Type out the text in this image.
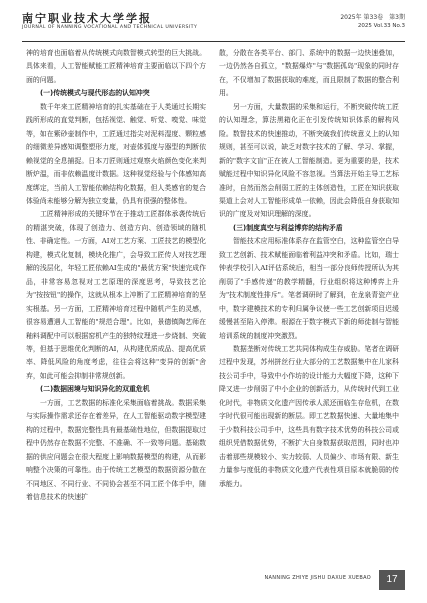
南宁职业技术大学学报
JOURNAL OF NANNING VOCATIONAL AND TECHNICAL UNIVERSITY
2025年 第33卷　第3期
2025 Vol.33 No.3

神的培育也面临着从传统模式向数智模式转型的巨大挑战。具体来看，人工智能赋能工匠精神培育主要面临以下四个方面的问题。

(一)传统模式与现代形态的认知冲突

数千年来工匠精神培育的扎实基础在于人类通过长期实践所形成的直觉判断，包括视觉、触觉、听觉、嗅觉、味觉等，如在紫砂壶制作中，工匠通过指尖对泥料湿度、颗粒感的细微差异感知调整塑形力度，对壶体弧度与器型的判断依赖视觉的全息捕捉。日本刀匠则通过观察火焰颜色变化来判断炉温，而非依赖温度计数据。这种视觉经验与个体感知高度绑定，当前人工智能依赖结构化数据，但人类感官的复合体验尚未能够分解为独立变量，仍具有很强的整体性。

工匠精神形成的关键环节在于推动工匠群体承袭传统后的精湛突破，体现了创造力、创造方向、创造领域的随机性、非确定性。一方面，AI对工艺方案、工匠技艺的模型化构建，模式化复制，模块化推广，会导致工匠传人对技艺理解的浅层化，年轻工匠依赖AI生成的"最优方案"快速完成作品，非常容易忽视对工艺原理的深度思考，导致技艺沦为"按按钮"的操作，这就从根本上冲断了工匠精神培育的坚实根基。另一方面，工匠精神培育过程中随机产生的灵感，很容易遭遇人工智能的"规范合理"。比如，景德镇陶艺师在釉料调配中可以根据窑机产生的独特纹理进一步烧制、突破等，但基于思维优化判断的AI，从构建优质成品、提高优质率、降低风险的角度考虑，往往会将这种"变异的创新"舍弃，如此可能会抑制非常规创新。

(二)数据困境与知识异化的双重危机

一方面，工艺数据的标准化采集面临着挑战。数据采集与实际操作需求还存在着差异，在人工智能驱动数字模型建构的过程中，数据完整性具有最基础性地位，但数据提取过程中仍然存在数据不完整、不准确、不一致等问题。基础数据的供应问题会在很大程度上影响数据模型的构建，从而影响整个决策的可靠性。由于传统工艺模型的数据资源分散在不同地区、不同行业、不同协会甚至不同工匠个体手中，随着信息技术的快速扩

散，分散在各类平台、部门、系统中的数据一边快速叠加，一边仍然各自孤立，"数据爆炸"与"数据孤岛"现象的同时存在，不仅增加了数据获取的难度，而且限制了数据的整合利用。

另一方面，大量数据的采集和运行，不断突破传统工匠的认知理念，算法黑箱化正在引发传统知识体系的解构风险。数智技术的快速推动，不断突破我们传统意义上的认知规则，甚至可以说，缺乏对数字技术的了解、学习、掌握，新的"数字文盲"正在被人工智能制造。更为重要的是，技术赋能过程中知识异化风险不容忽视。当算法开始主导工艺标准时，自然而然会削弱工匠的主体创造性，工匠在知识获取渠道上会对人工智能形成单一依赖，因此会降低自身获取知识的广度及对知识理解的深度。

(三)制度真空与利益博弈的结构矛盾

智能技术应用标准体系存在监管空白，这种监管空白导致工艺创新、技术赋能面临着利益冲突和矛盾。比如，瑞士钟表学校引入AI评估系统后，相当一部分良师传授所认为其削弱了"手感传递"的教学精髓，行业组织将这种博弈上升为"技术制度性排斥"。笔者调研时了解到，在龙泉青瓷产业中，数字建模技术的专利归属争议使一些工艺创新项目迟缓缓慢甚至陷入停滞。根源在于数字模式下新的师徒制与智能培训系统的制度冲突激烈。

数据垄断对传统工艺共同体构成生存威胁。笔者在调研过程中发现，苏州拼丝行业大部分的工艺数据集中在儿家科技公司手中，导致中小作坊的设计能力大幅度下降，这种下降又进一步削弱了中小企业的创新活力，从传统时代到工业化时代，非物质文化遗产因传承人派还面临生存危机，在数字时代很可能出现新的断层。即工艺数据快速、大量地集中于少数科技公司手中，这些具有数字技术优势的科技公司或组织凭借数据优势，不断扩大自身数据获取范围，同时也冲击着那些规模较小、实力较弱、人员偏少、市场有限、新生力量参与度低的非物质文化遗产代表性项目原本就脆弱的传承能力。

NANNING ZHIYE JISHU DAXUE XUEBAO	17
